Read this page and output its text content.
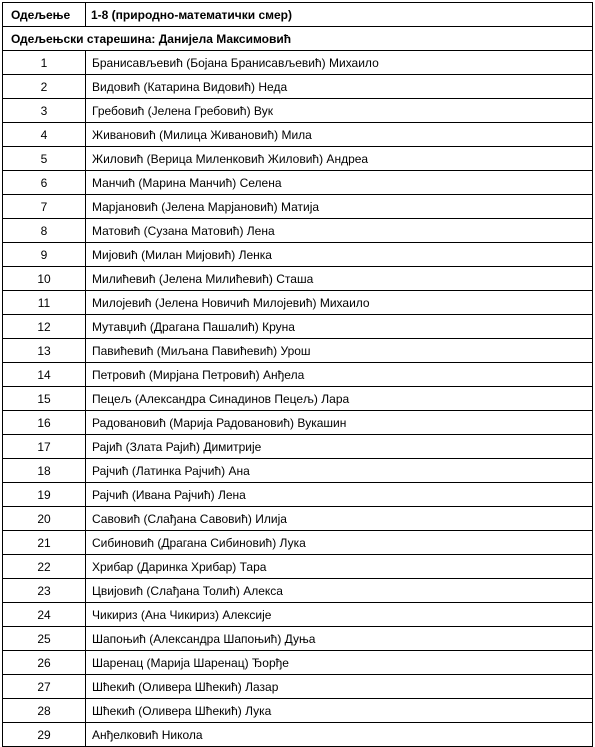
Одељење	1-8 (природно-математички смер)
Одељењски старешина: Данијела Максимовић	
1	Бранисављевић (Бојана Бранисављевић) Михаило
2	Видовић (Катарина Видовић) Неда
3	Гребовић (Јелена Гребовић) Вук
4	Живановић (Милица Живановић) Мила
5	Жиловић (Верица Миленковић Жиловић) Андреа
6	Манчић (Марина Манчић) Селена
7	Марјановић (Јелена Марјановић) Матија
8	Матовић (Сузана Матовић) Лена
9	Мијовић (Милан Мијовић) Ленка
10	Милићевић (Јелена Милићевић) Сташа
11	Милојевић (Јелена Новичић Милојевић) Михаило
12	Мутавџић (Драгана Пашалић) Круна
13	Павићевић (Миљана Павићевић) Урош
14	Петровић (Мирјана Петровић) Анђела
15	Пецељ (Александра Синадинов Пецељ) Лара
16	Радовановић (Марија Радовановић) Вукашин
17	Рајић (Злата Рајић) Димитрије
18	Рајчић (Латинка Рајчић) Ана
19	Рајчић (Ивана Рајчић) Лена
20	Савовић (Слађана Савовић) Илија
21	Сибиновић (Драгана Сибиновић) Лука
22	Хрибар (Даринка Хрибар) Тара
23	Цвијовић (Слађана Толић) Алекса
24	Чикириз (Ана Чикириз) Алексије
25	Шапоњић (Александра Шапоњић) Дуња
26	Шаренац (Марија Шаренац) Ђорђе
27	Шћекић (Оливера Шћекић) Лазар
28	Шћекић (Оливера Шћекић) Лука
29	Анђелковић Никола
